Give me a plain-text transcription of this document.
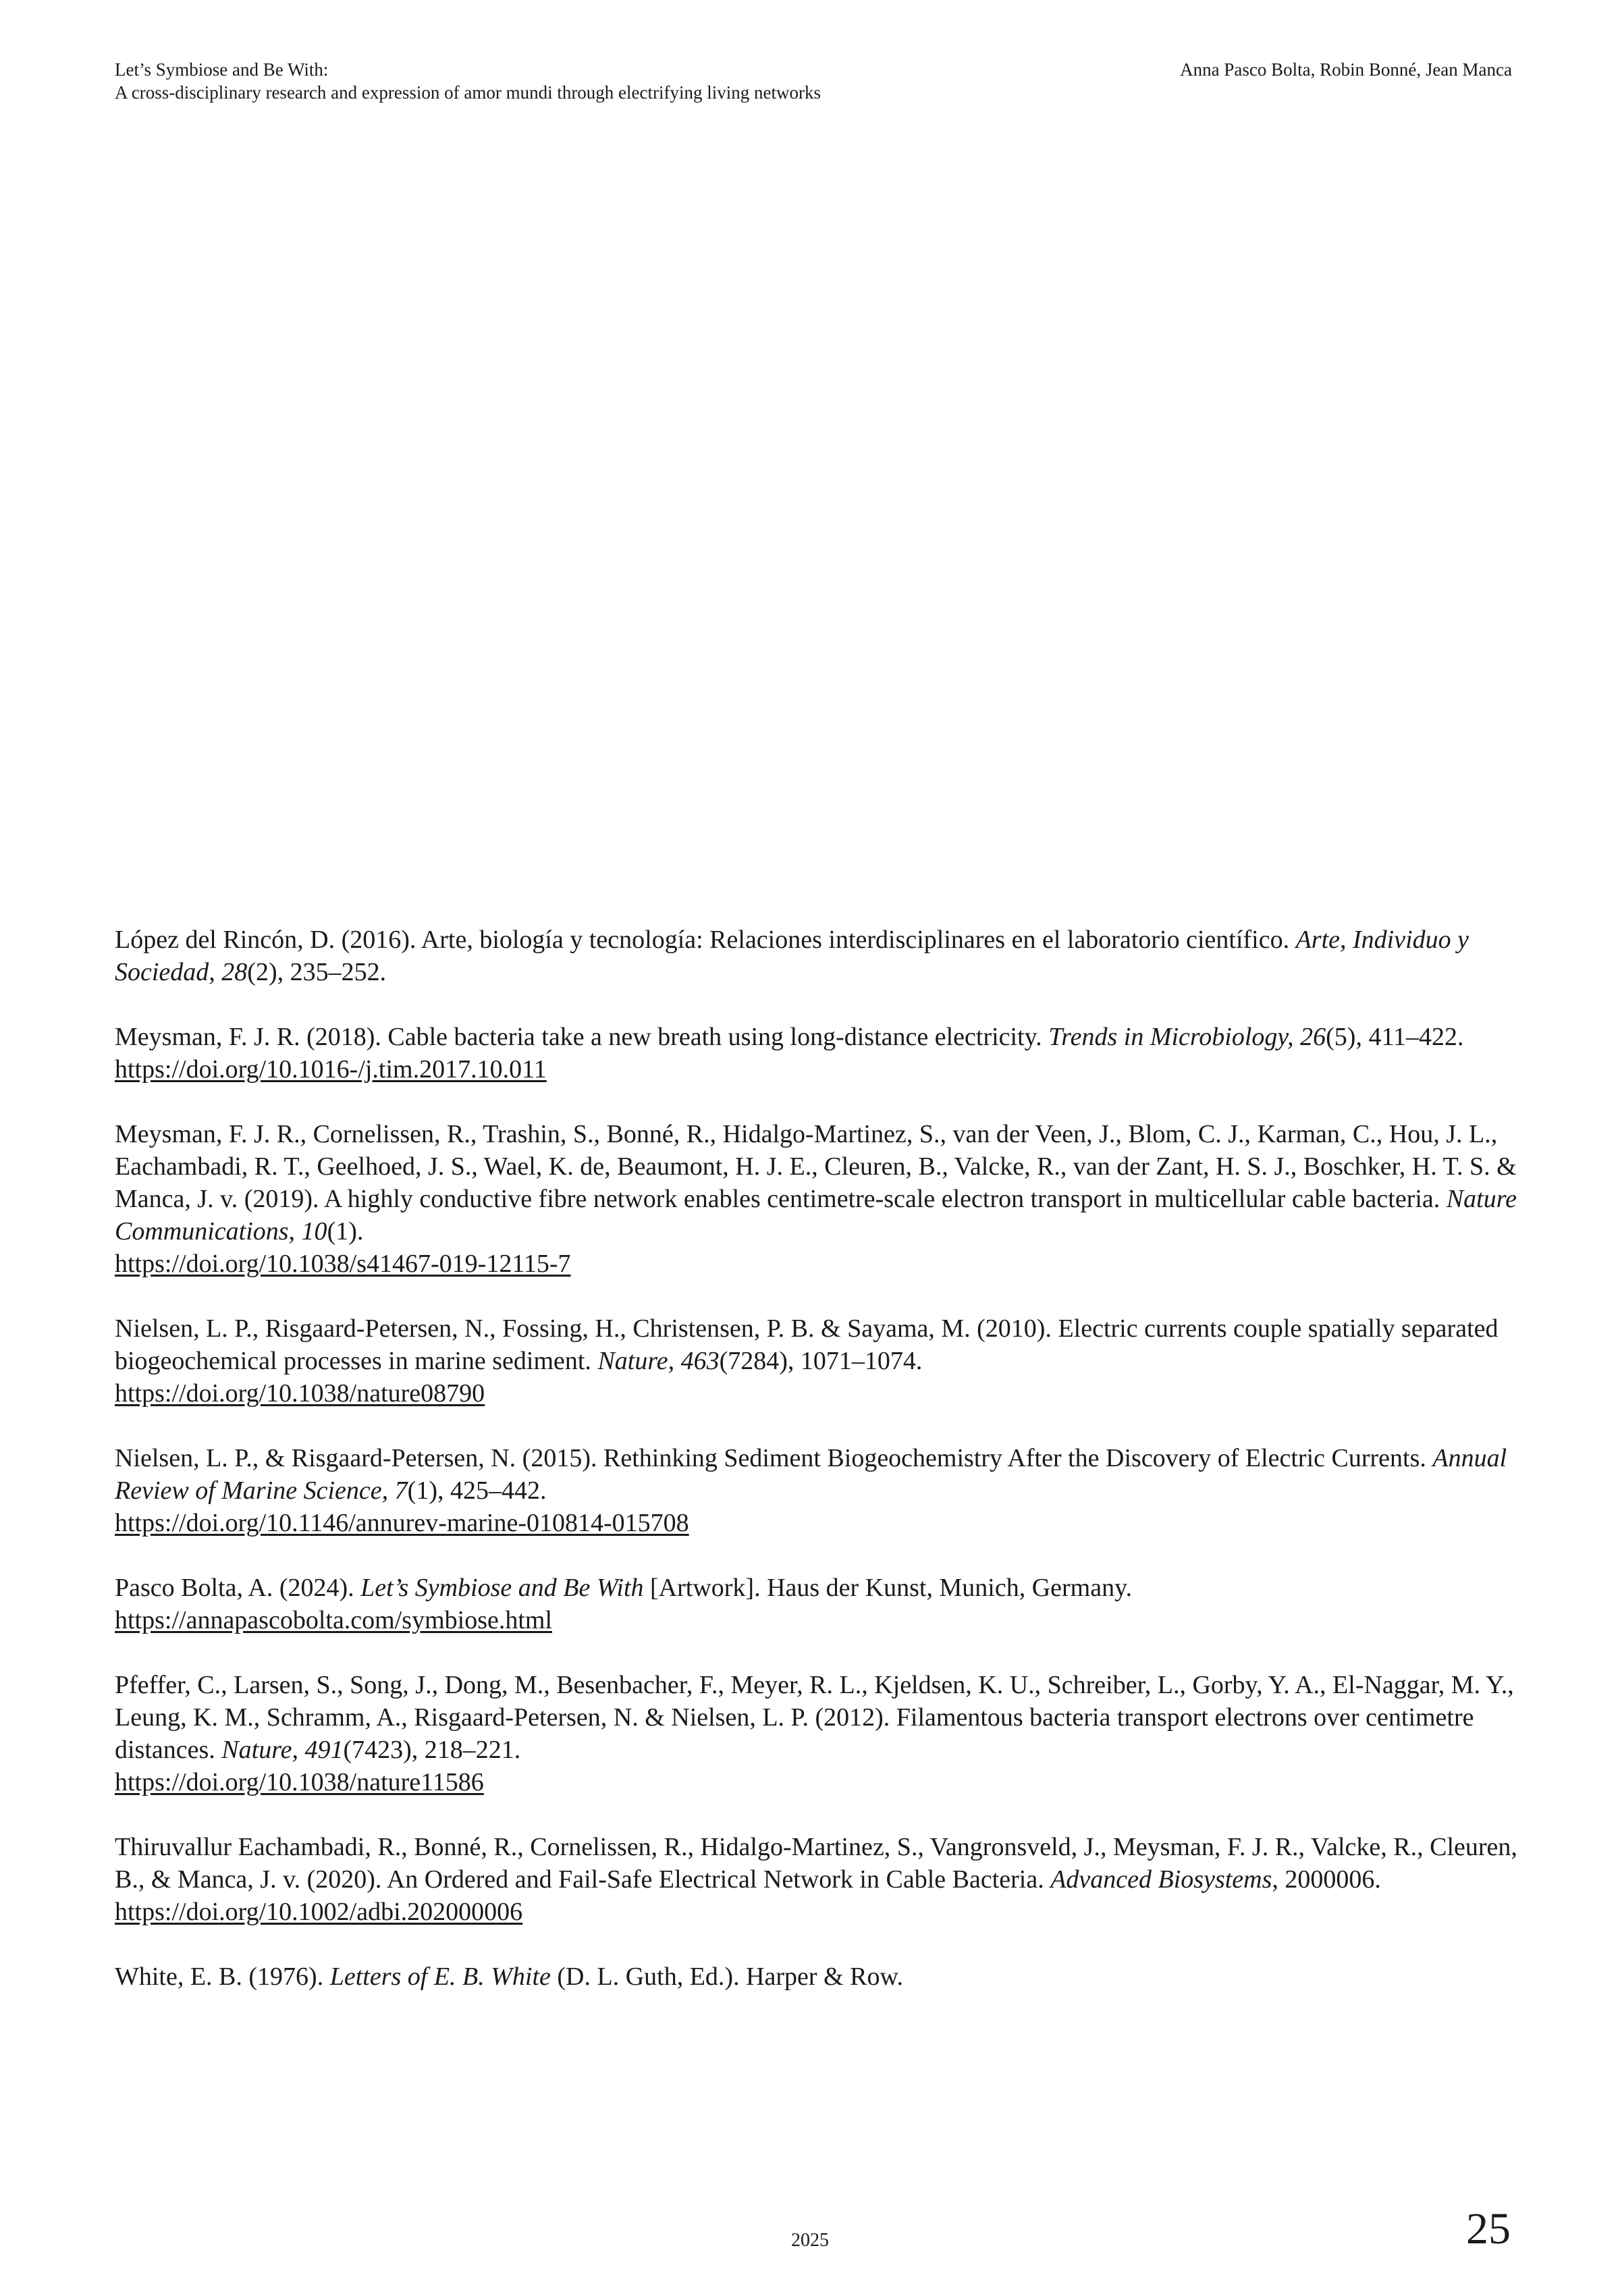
Let’s Symbiose and Be With:
A cross-disciplinary research and expression of amor mundi through electrifying living networks
Anna Pasco Bolta, Robin Bonné, Jean Manca

López del Rincón, D. (2016). Arte, biología y tecnología: Relaciones interdisciplinares en el laboratorio científico. Arte, Individuo y Sociedad, 28(2), 235–252.

Meysman, F. J. R. (2018). Cable bacteria take a new breath using long-distance electricity. Trends in Microbiology, 26(5), 411–422.
https://doi.org/10.1016-/j.tim.2017.10.011

Meysman, F. J. R., Cornelissen, R., Trashin, S., Bonné, R., Hidalgo-Martinez, S., van der Veen, J., Blom, C. J., Karman, C., Hou, J. L., Eachambadi, R. T., Geelhoed, J. S., Wael, K. de, Beaumont, H. J. E., Cleuren, B., Valcke, R., van der Zant, H. S. J., Boschker, H. T. S. & Manca, J. v. (2019). A highly conductive fibre network enables centimetre-scale electron transport in multicellular cable bacteria. Nature Communications, 10(1).
https://doi.org/10.1038/s41467-019-12115-7

Nielsen, L. P., Risgaard-Petersen, N., Fossing, H., Christensen, P. B. & Sayama, M. (2010). Electric currents couple spatially separated biogeochemical processes in marine sediment. Nature, 463(7284), 1071–1074.
https://doi.org/10.1038/nature08790

Nielsen, L. P., & Risgaard-Petersen, N. (2015). Rethinking Sediment Biogeochemistry After the Discovery of Electric Currents. Annual Review of Marine Science, 7(1), 425–442.
https://doi.org/10.1146/annurev-marine-010814-015708

Pasco Bolta, A. (2024). Let’s Symbiose and Be With [Artwork]. Haus der Kunst, Munich, Germany.
https://annapascobolta.com/symbiose.html

Pfeffer, C., Larsen, S., Song, J., Dong, M., Besenbacher, F., Meyer, R. L., Kjeldsen, K. U., Schreiber, L., Gorby, Y. A., El-Naggar, M. Y., Leung, K. M., Schramm, A., Risgaard-Petersen, N. & Nielsen, L. P. (2012). Filamentous bacteria transport electrons over centimetre distances. Nature, 491(7423), 218–221.
https://doi.org/10.1038/nature11586

Thiruvallur Eachambadi, R., Bonné, R., Cornelissen, R., Hidalgo-Martinez, S., Vangronsveld, J., Meysman, F. J. R., Valcke, R., Cleuren, B., & Manca, J. v. (2020). An Ordered and Fail-Safe Electrical Network in Cable Bacteria. Advanced Biosystems, 2000006.
https://doi.org/10.1002/adbi.202000006

White, E. B. (1976). Letters of E. B. White (D. L. Guth, Ed.). Harper & Row.

2025	25
